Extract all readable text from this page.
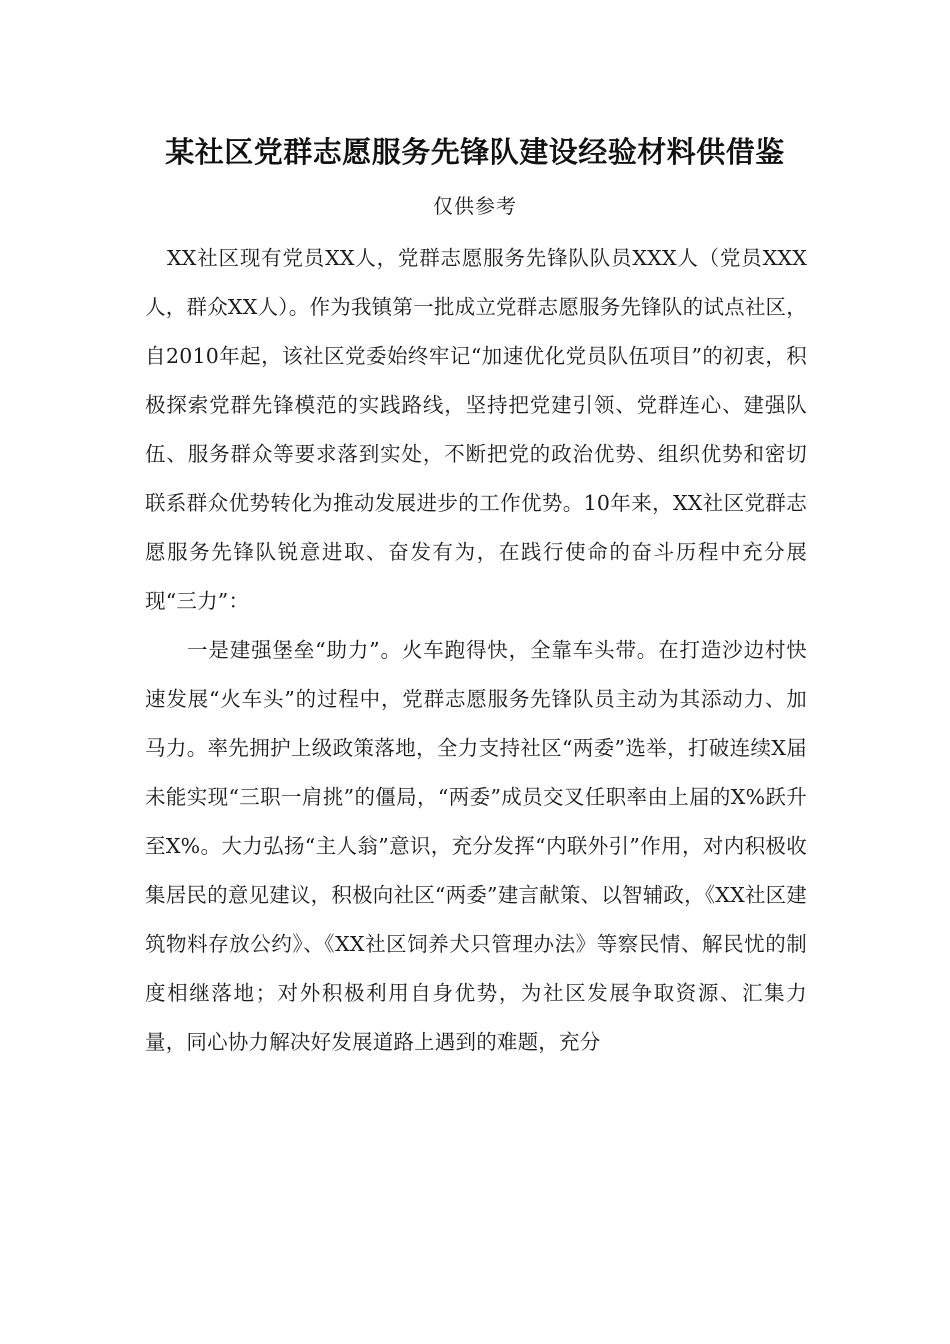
某社区党群志愿服务先锋队建设经验材料供借鉴
仅供参考

XX社区现有党员XX人，党群志愿服务先锋队队员XXX人（党员XXX人，群众XX人）。作为我镇第一批成立党群志愿服务先锋队的试点社区，自2010年起，该社区党委始终牢记“加速优化党员队伍项目”的初衷，积极探索党群先锋模范的实践路线，坚持把党建引领、党群连心、建强队伍、服务群众等要求落到实处，不断把党的政治优势、组织优势和密切联系群众优势转化为推动发展进步的工作优势。10年来，XX社区党群志愿服务先锋队锐意进取、奋发有为，在践行使命的奋斗历程中充分展现“三力”：

一是建强堡垒“助力”。火车跑得快，全靠车头带。在打造沙边村快速发展“火车头”的过程中，党群志愿服务先锋队员主动为其添动力、加马力。率先拥护上级政策落地，全力支持社区“两委”选举，打破连续X届未能实现“三职一肩挑”的僵局，“两委”成员交叉任职率由上届的X%跃升至X%。大力弘扬“主人翁”意识，充分发挥“内联外引”作用，对内积极收集居民的意见建议，积极向社区“两委”建言献策、以智辅政，《XX社区建筑物料存放公约》、《XX社区饲养犬只管理办法》等察民情、解民忧的制度相继落地；对外积极利用自身优势，为社区发展争取资源、汇集力量，同心协力解决好发展道路上遇到的难题，充分
